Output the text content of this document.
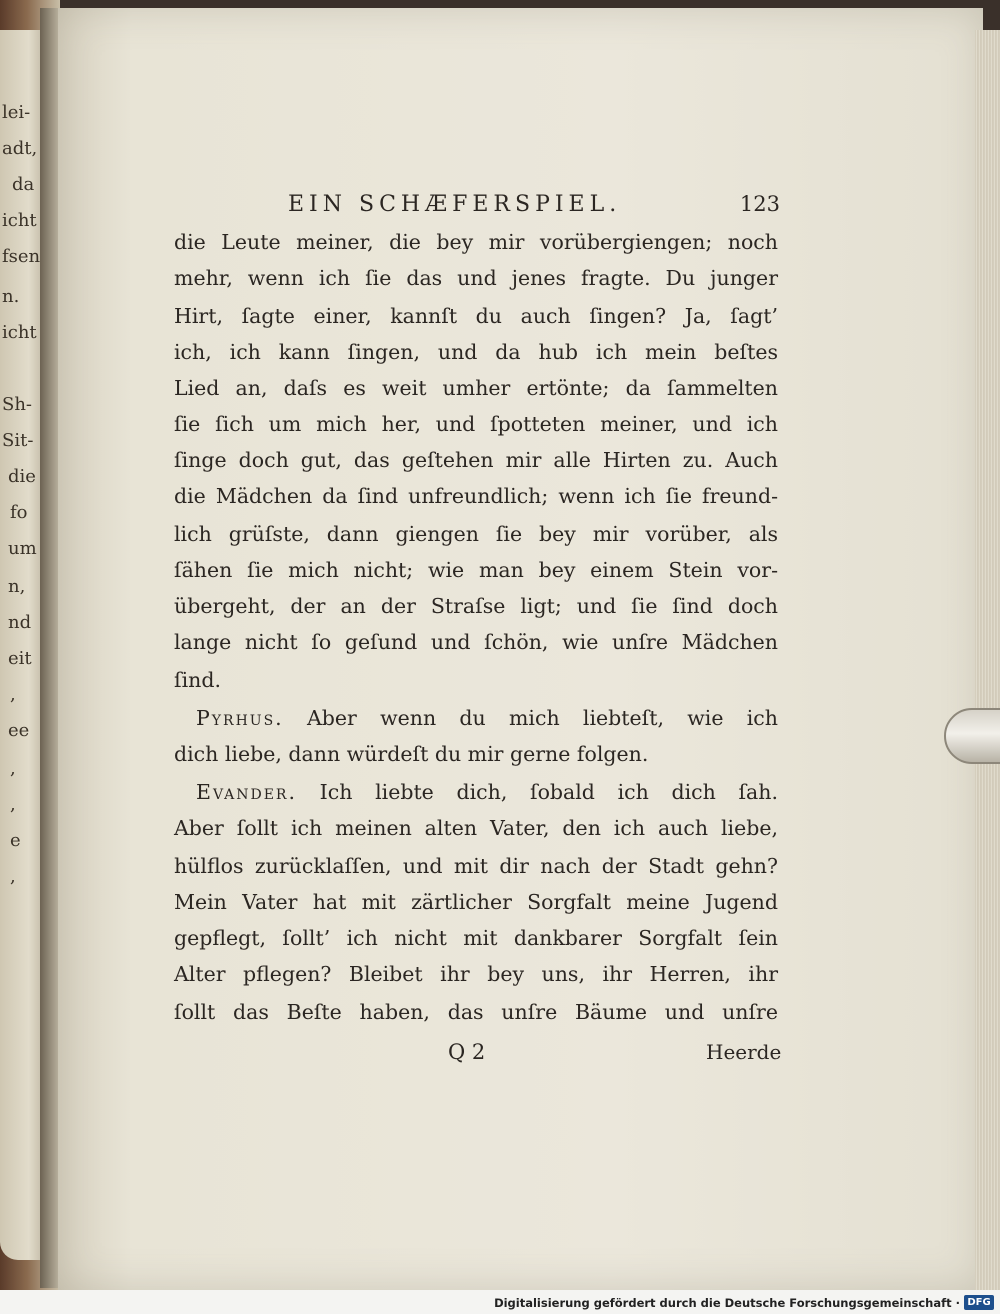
lei-
adt,
da
icht
fsen
n.
icht
Sh-
Sit-
die
fo
um
n,
nd
eit
,
ee
,
,
e
,
EIN SCHÆFERSPIEL.	123
die Leute meiner, die bey mir vorübergiengen; noch
mehr, wenn ich ſie das und jenes fragte. Du junger
Hirt, ſagte einer, kannſt du auch ſingen? Ja, ſagt’
ich, ich kann ſingen, und da hub ich mein beſtes
Lied an, daſs es weit umher ertönte; da ſammelten
ſie ſich um mich her, und ſpotteten meiner, und ich
ſinge doch gut, das geſtehen mir alle Hirten zu. Auch
die Mädchen da ſind unfreundlich; wenn ich ſie freund-
lich grüſste, dann giengen ſie bey mir vorüber, als
ſähen ſie mich nicht; wie man bey einem Stein vor-
übergeht, der an der Straſse ligt; und ſie ſind doch
lange nicht ſo geſund und ſchön, wie unſre Mädchen
ſind.
Pyrhus. Aber wenn du mich liebteſt, wie ich
dich liebe, dann würdeſt du mir gerne folgen.
Evander. Ich liebte dich, ſobald ich dich ſah.
Aber ſollt ich meinen alten Vater, den ich auch liebe,
hülflos zurücklaſſen, und mit dir nach der Stadt gehn?
Mein Vater hat mit zärtlicher Sorgfalt meine Jugend
gepflegt, ſollt’ ich nicht mit dankbarer Sorgfalt ſein
Alter pflegen? Bleibet ihr bey uns, ihr Herren, ihr
ſollt das Beſte haben, das unſre Bäume und unſre
Q 2	Heerde
Digitalisierung gefördert durch die Deutsche Forschungsgemeinschaft · DFG
